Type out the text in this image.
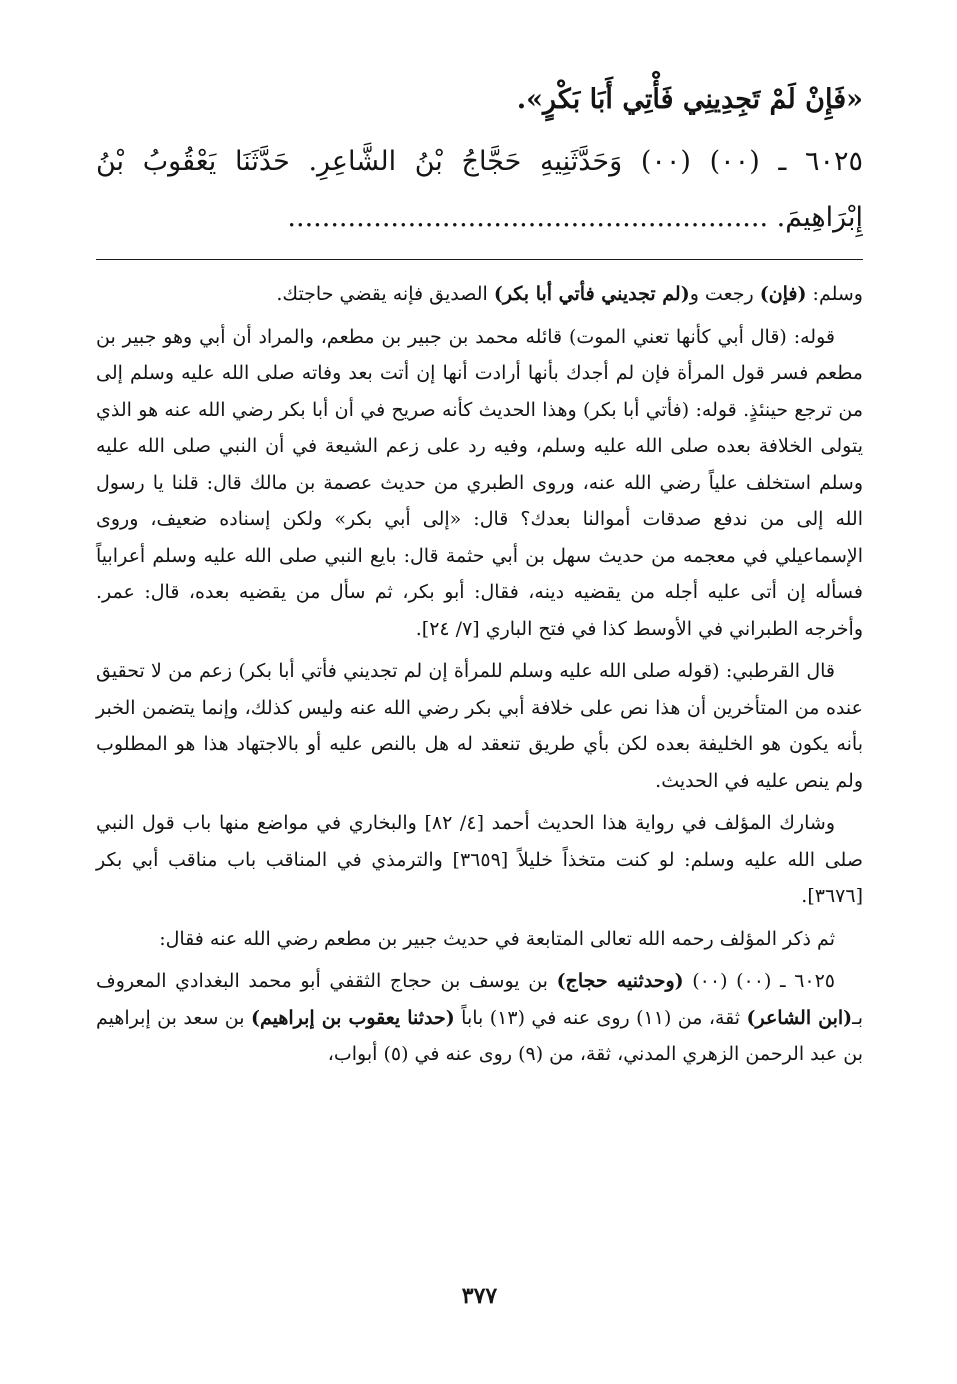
«فَإِنْ لَمْ تَجِدِينِي فَأْتِي أَبَا بَكْرٍ».
٦٠٢٥ ـ (٠٠) (٠٠) وَحَدَّثَنِيهِ حَجَّاجُ بْنُ الشَّاعِرِ. حَدَّثَنَا يَعْقُوبُ بْنُ
إِبْرَاهِيمَ. ........................................................

وسلم: (فإن) رجعت و(لم تجديني فأتي أبا بكر) الصديق فإنه يقضي حاجتك.

قوله: (قال أبي كأنها تعني الموت) قائله محمد بن جبير بن مطعم، والمراد أن أبي وهو جبير بن مطعم فسر قول المرأة فإن لم أجدك بأنها أرادت أنها إن أتت بعد وفاته صلى الله عليه وسلم إلى من ترجع حينئذٍ. قوله: (فأتي أبا بكر) وهذا الحديث كأنه صريح في أن أبا بكر رضي الله عنه هو الذي يتولى الخلافة بعده صلى الله عليه وسلم، وفيه رد على زعم الشيعة في أن النبي صلى الله عليه وسلم استخلف علياً رضي الله عنه، وروى الطبري من حديث عصمة بن مالك قال: قلنا يا رسول الله إلى من ندفع صدقات أموالنا بعدك؟ قال: «إلى أبي بكر» ولكن إسناده ضعيف، وروى الإسماعيلي في معجمه من حديث سهل بن أبي حثمة قال: بايع النبي صلى الله عليه وسلم أعرابياً فسأله إن أتى عليه أجله من يقضيه دينه، فقال: أبو بكر، ثم سأل من يقضيه بعده، قال: عمر. وأخرجه الطبراني في الأوسط كذا في فتح الباري [٧/ ٢٤].

قال القرطبي: (قوله صلى الله عليه وسلم للمرأة إن لم تجديني فأتي أبا بكر) زعم من لا تحقيق عنده من المتأخرين أن هذا نص على خلافة أبي بكر رضي الله عنه وليس كذلك، وإنما يتضمن الخبر بأنه يكون هو الخليفة بعده لكن بأي طريق تنعقد له هل بالنص عليه أو بالاجتهاد هذا هو المطلوب ولم ينص عليه في الحديث.

وشارك المؤلف في رواية هذا الحديث أحمد [٤/ ٨٢] والبخاري في مواضع منها باب قول النبي صلى الله عليه وسلم: لو كنت متخذاً خليلاً [٣٦٥٩] والترمذي في المناقب باب مناقب أبي بكر [٣٦٧٦].

ثم ذكر المؤلف رحمه الله تعالى المتابعة في حديث جبير بن مطعم رضي الله عنه فقال:

٦٠٢٥ ـ (٠٠) (٠٠) (وحدثنيه حجاج) بن يوسف بن حجاج الثقفي أبو محمد البغدادي المعروف بـ(ابن الشاعر) ثقة، من (١١) روى عنه في (١٣) باباً (حدثنا يعقوب بن إبراهيم) بن سعد بن إبراهيم بن عبد الرحمن الزهري المدني، ثقة، من (٩) روى عنه في (٥) أبواب،

٣٧٧
